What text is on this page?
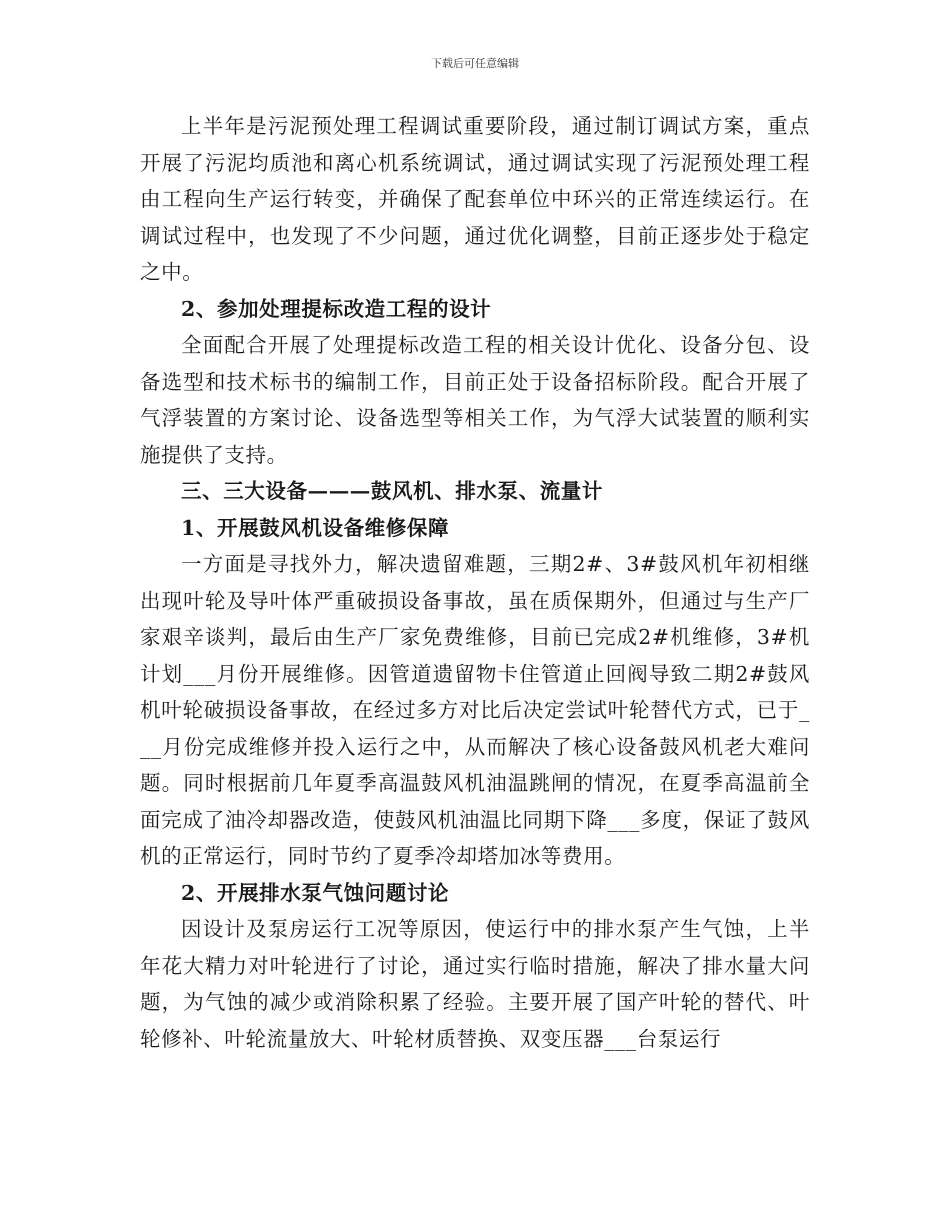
下载后可任意编辑

上半年是污泥预处理工程调试重要阶段，通过制订调试方案，重点开展了污泥均质池和离心机系统调试，通过调试实现了污泥预处理工程由工程向生产运行转变，并确保了配套单位中环兴的正常连续运行。在调试过程中，也发现了不少问题，通过优化调整，目前正逐步处于稳定之中。

2、参加处理提标改造工程的设计

全面配合开展了处理提标改造工程的相关设计优化、设备分包、设备选型和技术标书的编制工作，目前正处于设备招标阶段。配合开展了气浮装置的方案讨论、设备选型等相关工作，为气浮大试装置的顺利实施提供了支持。

三、三大设备———鼓风机、排水泵、流量计

1、开展鼓风机设备维修保障

一方面是寻找外力，解决遗留难题，三期2#、3#鼓风机年初相继出现叶轮及导叶体严重破损设备事故，虽在质保期外，但通过与生产厂家艰辛谈判，最后由生产厂家免费维修，目前已完成2#机维修，3#机计划___月份开展维修。因管道遗留物卡住管道止回阀导致二期2#鼓风机叶轮破损设备事故，在经过多方对比后决定尝试叶轮替代方式，已于___月份完成维修并投入运行之中，从而解决了核心设备鼓风机老大难问题。同时根据前几年夏季高温鼓风机油温跳闸的情况，在夏季高温前全面完成了油冷却器改造，使鼓风机油温比同期下降___多度，保证了鼓风机的正常运行，同时节约了夏季冷却塔加冰等费用。

2、开展排水泵气蚀问题讨论

因设计及泵房运行工况等原因，使运行中的排水泵产生气蚀，上半年花大精力对叶轮进行了讨论，通过实行临时措施，解决了排水量大问题，为气蚀的减少或消除积累了经验。主要开展了国产叶轮的替代、叶轮修补、叶轮流量放大、叶轮材质替换、双变压器___台泵运行
